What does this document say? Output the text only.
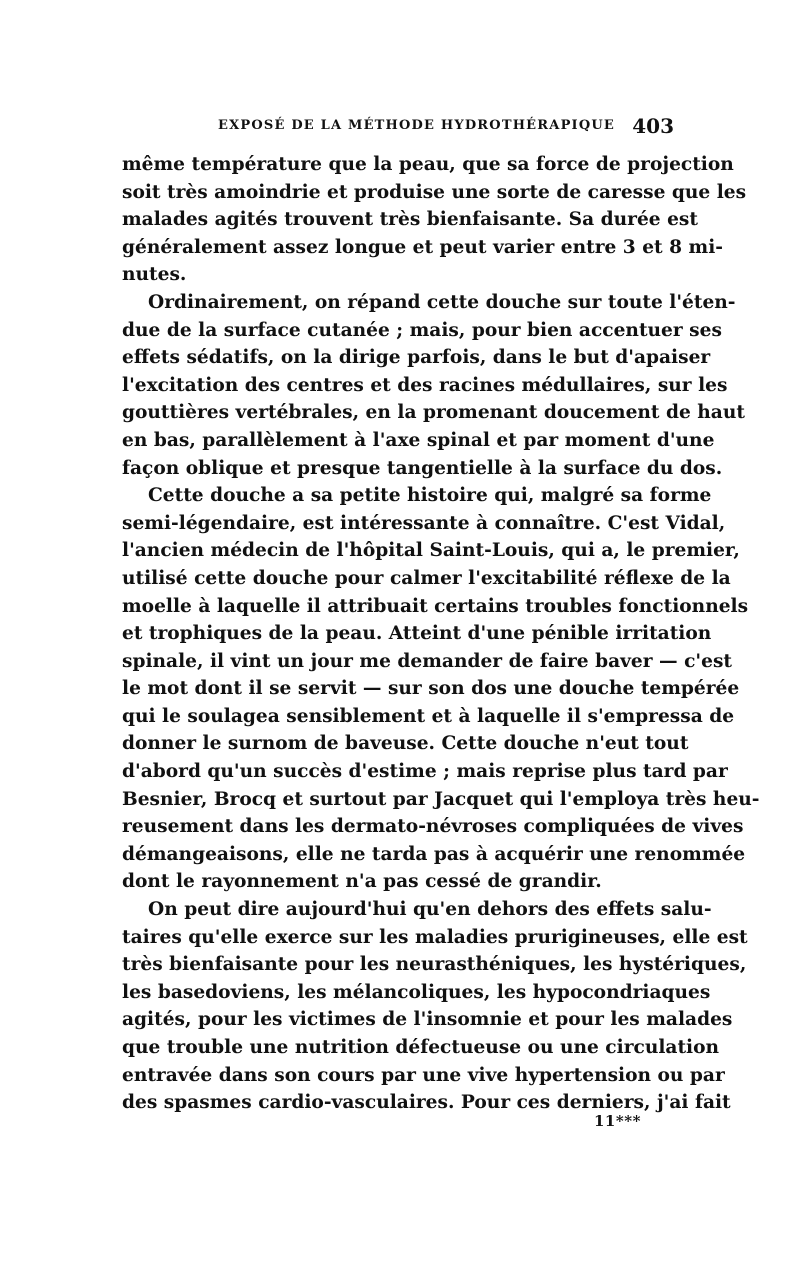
EXPOSÉ DE LA MÉTHODE HYDROTHÉRAPIQUE 403

même température que la peau, que sa force de projection
soit très amoindrie et produise une sorte de caresse que les
malades agités trouvent très bienfaisante. Sa durée est
généralement assez longue et peut varier entre 3 et 8 mi-
nutes.

Ordinairement, on répand cette douche sur toute l'éten-
due de la surface cutanée ; mais, pour bien accentuer ses
effets sédatifs, on la dirige parfois, dans le but d'apaiser
l'excitation des centres et des racines médullaires, sur les
gouttières vertébrales, en la promenant doucement de haut
en bas, parallèlement à l'axe spinal et par moment d'une
façon oblique et presque tangentielle à la surface du dos.

Cette douche a sa petite histoire qui, malgré sa forme
semi-légendaire, est intéressante à connaître. C'est Vidal,
l'ancien médecin de l'hôpital Saint-Louis, qui a, le premier,
utilisé cette douche pour calmer l'excitabilité réflexe de la
moelle à laquelle il attribuait certains troubles fonctionnels
et trophiques de la peau. Atteint d'une pénible irritation
spinale, il vint un jour me demander de faire baver — c'est
le mot dont il se servit — sur son dos une douche tempérée
qui le soulagea sensiblement et à laquelle il s'empressa de
donner le surnom de baveuse. Cette douche n'eut tout
d'abord qu'un succès d'estime ; mais reprise plus tard par
Besnier, Brocq et surtout par Jacquet qui l'employa très heu-
reusement dans les dermato-névroses compliquées de vives
démangeaisons, elle ne tarda pas à acquérir une renommée
dont le rayonnement n'a pas cessé de grandir.

On peut dire aujourd'hui qu'en dehors des effets salu-
taires qu'elle exerce sur les maladies prurigineuses, elle est
très bienfaisante pour les neurasthéniques, les hystériques,
les basedoviens, les mélancoliques, les hypocondriaques
agités, pour les victimes de l'insomnie et pour les malades
que trouble une nutrition défectueuse ou une circulation
entravée dans son cours par une vive hypertension ou par
des spasmes cardio-vasculaires. Pour ces derniers, j'ai fait

11***
